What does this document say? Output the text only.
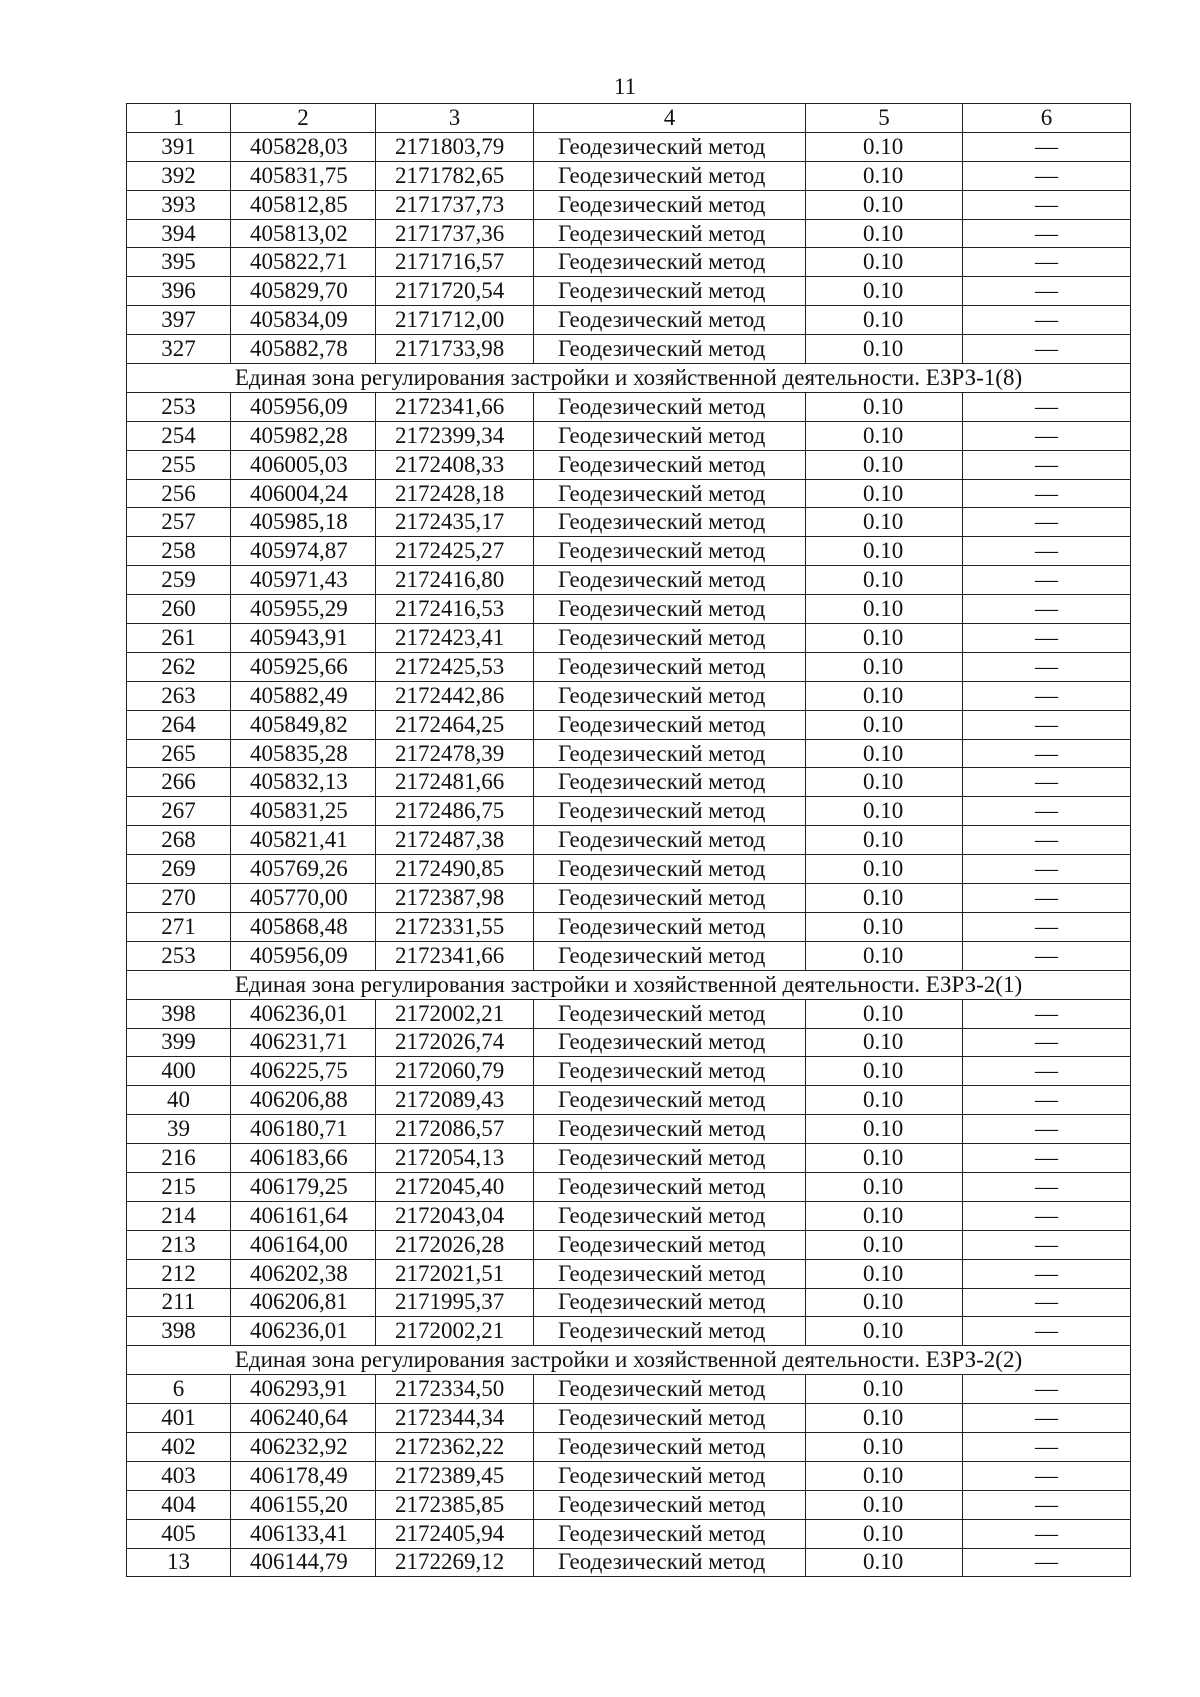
11
1	2	3	4	5	6
391	405828,03	2171803,79	Геодезический метод	0.10	—
392	405831,75	2171782,65	Геодезический метод	0.10	—
393	405812,85	2171737,73	Геодезический метод	0.10	—
394	405813,02	2171737,36	Геодезический метод	0.10	—
395	405822,71	2171716,57	Геодезический метод	0.10	—
396	405829,70	2171720,54	Геодезический метод	0.10	—
397	405834,09	2171712,00	Геодезический метод	0.10	—
327	405882,78	2171733,98	Геодезический метод	0.10	—
Единая зона регулирования застройки и хозяйственной деятельности. ЕЗРЗ-1(8)					
253	405956,09	2172341,66	Геодезический метод	0.10	—
254	405982,28	2172399,34	Геодезический метод	0.10	—
255	406005,03	2172408,33	Геодезический метод	0.10	—
256	406004,24	2172428,18	Геодезический метод	0.10	—
257	405985,18	2172435,17	Геодезический метод	0.10	—
258	405974,87	2172425,27	Геодезический метод	0.10	—
259	405971,43	2172416,80	Геодезический метод	0.10	—
260	405955,29	2172416,53	Геодезический метод	0.10	—
261	405943,91	2172423,41	Геодезический метод	0.10	—
262	405925,66	2172425,53	Геодезический метод	0.10	—
263	405882,49	2172442,86	Геодезический метод	0.10	—
264	405849,82	2172464,25	Геодезический метод	0.10	—
265	405835,28	2172478,39	Геодезический метод	0.10	—
266	405832,13	2172481,66	Геодезический метод	0.10	—
267	405831,25	2172486,75	Геодезический метод	0.10	—
268	405821,41	2172487,38	Геодезический метод	0.10	—
269	405769,26	2172490,85	Геодезический метод	0.10	—
270	405770,00	2172387,98	Геодезический метод	0.10	—
271	405868,48	2172331,55	Геодезический метод	0.10	—
253	405956,09	2172341,66	Геодезический метод	0.10	—
Единая зона регулирования застройки и хозяйственной деятельности. ЕЗРЗ-2(1)					
398	406236,01	2172002,21	Геодезический метод	0.10	—
399	406231,71	2172026,74	Геодезический метод	0.10	—
400	406225,75	2172060,79	Геодезический метод	0.10	—
40	406206,88	2172089,43	Геодезический метод	0.10	—
39	406180,71	2172086,57	Геодезический метод	0.10	—
216	406183,66	2172054,13	Геодезический метод	0.10	—
215	406179,25	2172045,40	Геодезический метод	0.10	—
214	406161,64	2172043,04	Геодезический метод	0.10	—
213	406164,00	2172026,28	Геодезический метод	0.10	—
212	406202,38	2172021,51	Геодезический метод	0.10	—
211	406206,81	2171995,37	Геодезический метод	0.10	—
398	406236,01	2172002,21	Геодезический метод	0.10	—
Единая зона регулирования застройки и хозяйственной деятельности. ЕЗРЗ-2(2)					
6	406293,91	2172334,50	Геодезический метод	0.10	—
401	406240,64	2172344,34	Геодезический метод	0.10	—
402	406232,92	2172362,22	Геодезический метод	0.10	—
403	406178,49	2172389,45	Геодезический метод	0.10	—
404	406155,20	2172385,85	Геодезический метод	0.10	—
405	406133,41	2172405,94	Геодезический метод	0.10	—
13	406144,79	2172269,12	Геодезический метод	0.10	—
